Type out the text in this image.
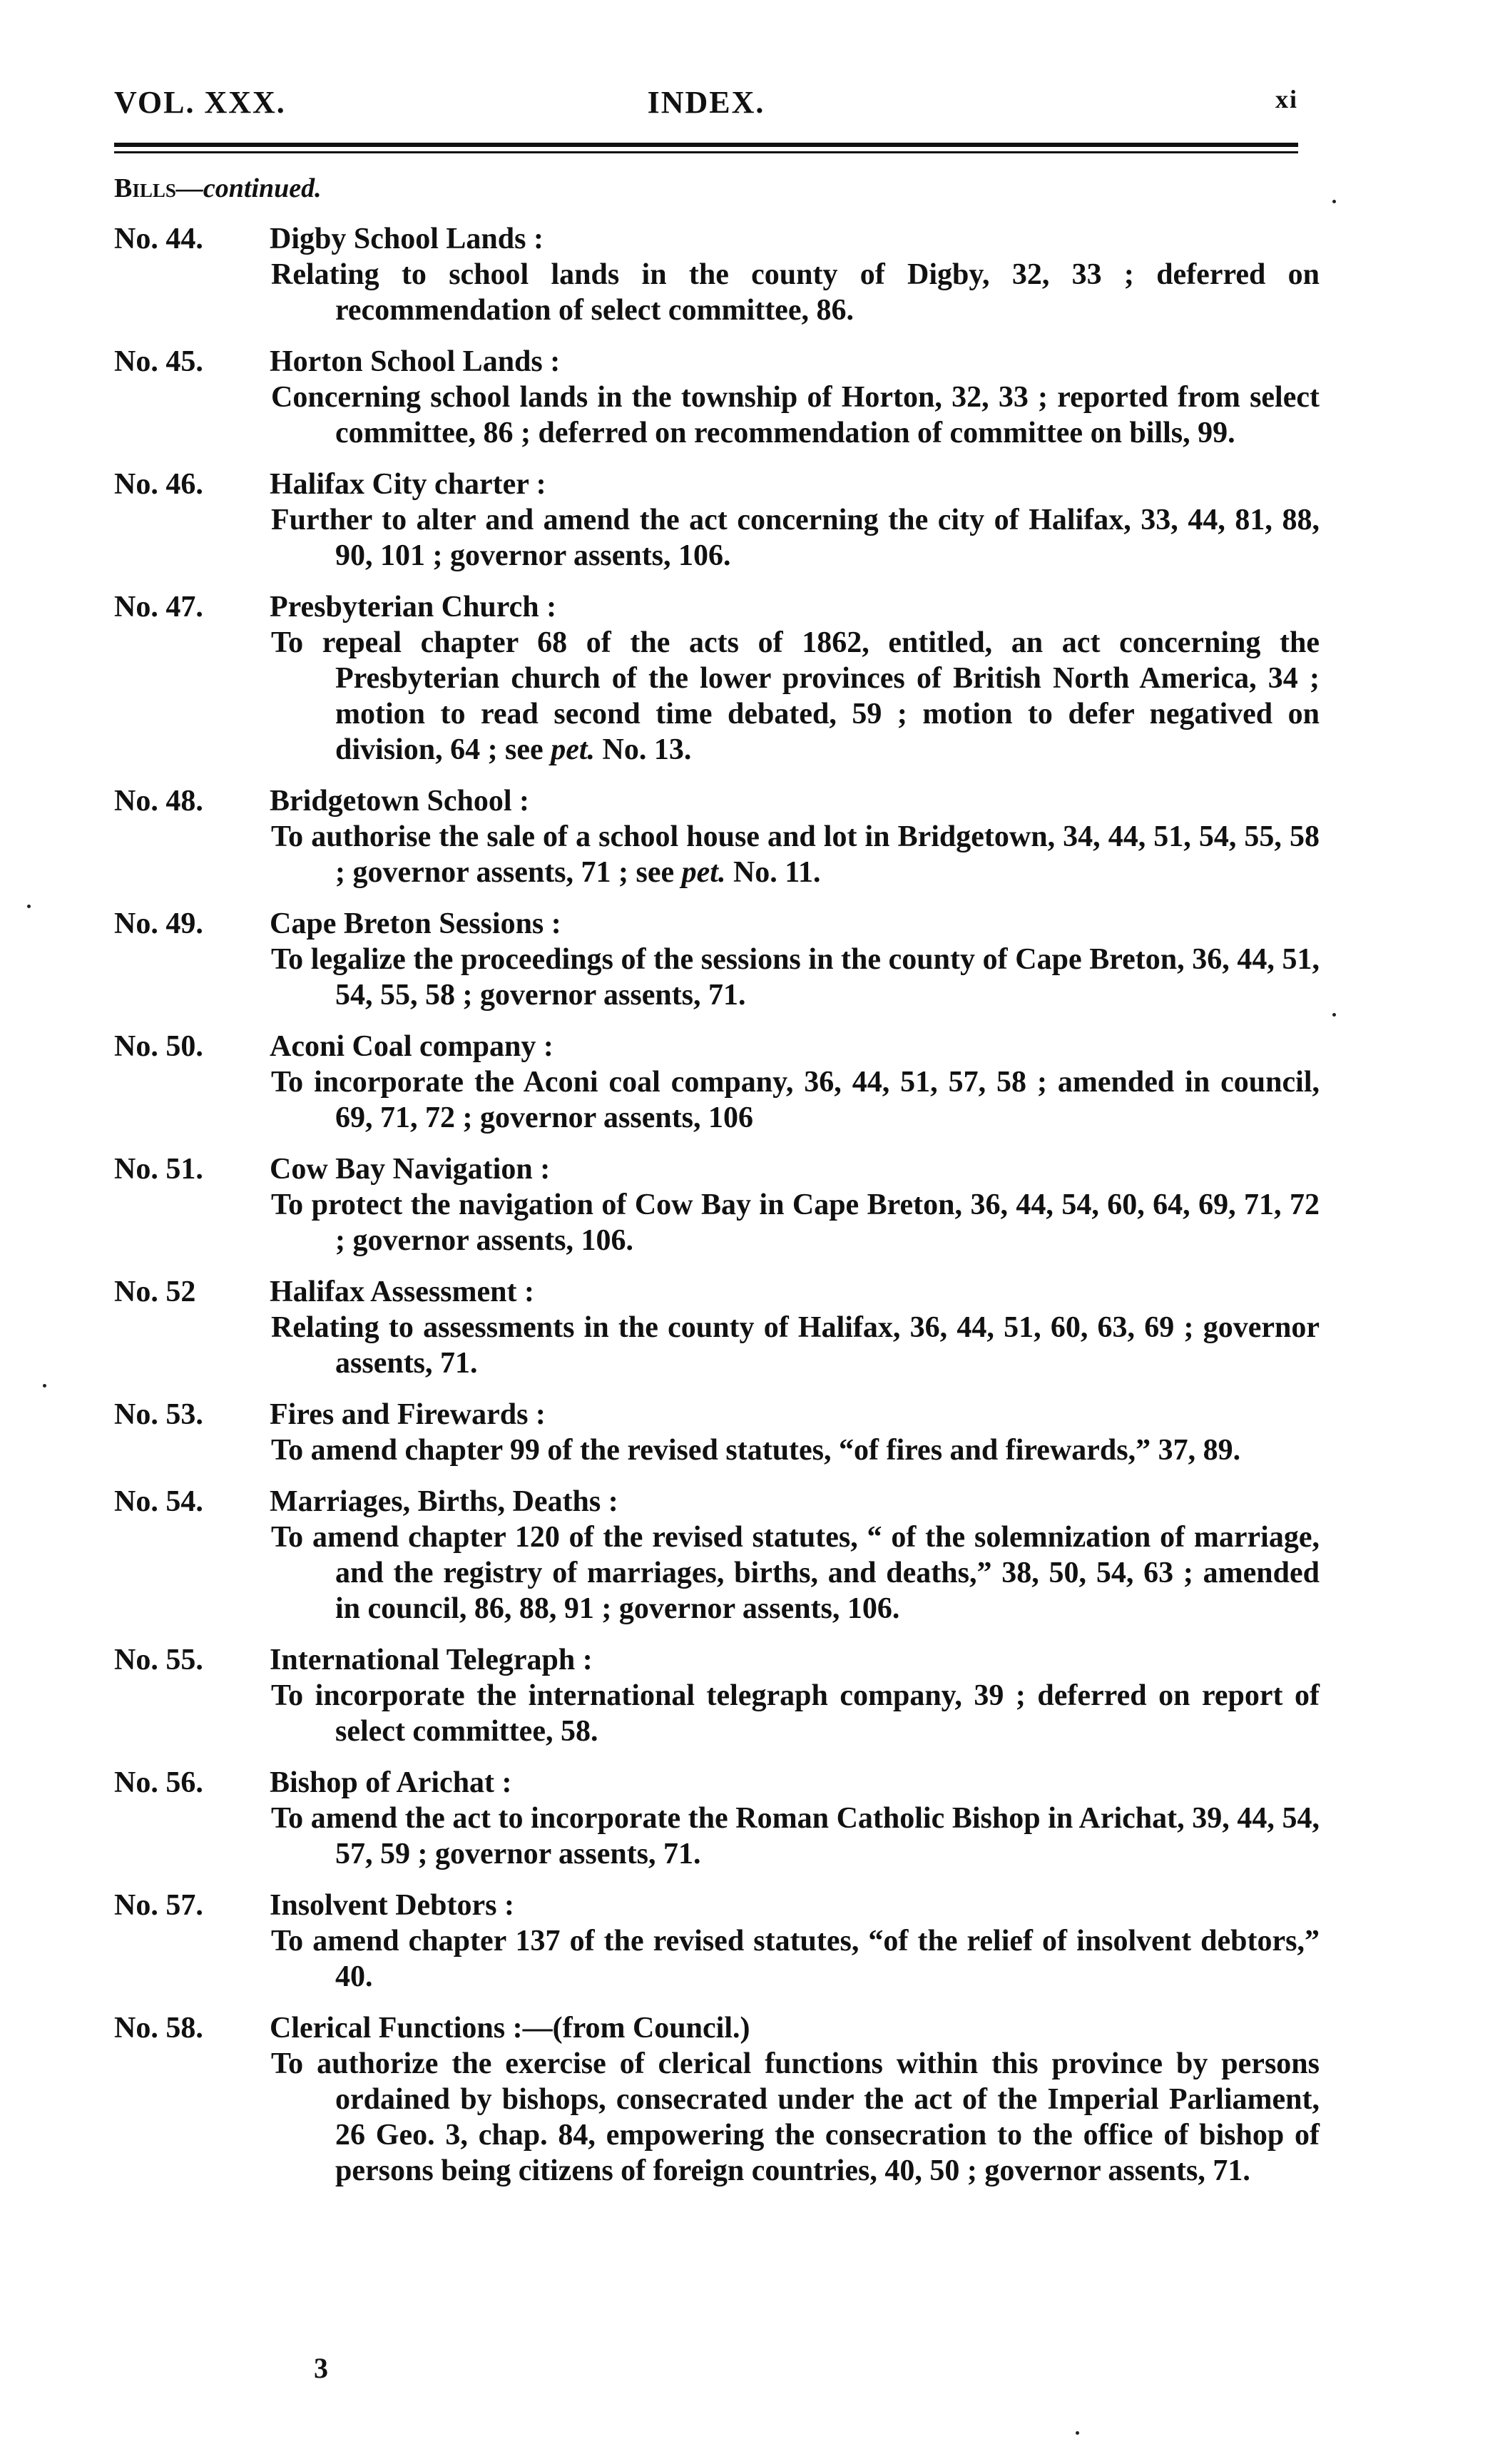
VOL. XXX.	INDEX.	xi
Bills—continued.
No. 44.	Digby School Lands :
Relating to school lands in the county of Digby, 32, 33 ; deferred on recommendation of select committee, 86.
No. 45.	Horton School Lands :
Concerning school lands in the township of Horton, 32, 33 ; reported from select committee, 86 ; deferred on recommendation of committee on bills, 99.
No. 46.	Halifax City charter :
Further to alter and amend the act concerning the city of Halifax, 33, 44, 81, 88, 90, 101 ; governor assents, 106.
No. 47.	Presbyterian Church :
To repeal chapter 68 of the acts of 1862, entitled, an act concerning the Presbyterian church of the lower provinces of British North America, 34 ; motion to read second time debated, 59 ; motion to defer negatived on division, 64 ; see pet. No. 13.
No. 48.	Bridgetown School :
To authorise the sale of a school house and lot in Bridgetown, 34, 44, 51, 54, 55, 58 ; governor assents, 71 ; see pet. No. 11.
No. 49.	Cape Breton Sessions :
To legalize the proceedings of the sessions in the county of Cape Breton, 36, 44, 51, 54, 55, 58 ; governor assents, 71.
No. 50.	Aconi Coal company :
To incorporate the Aconi coal company, 36, 44, 51, 57, 58 ; amended in council, 69, 71, 72 ; governor assents, 106
No. 51.	Cow Bay Navigation :
To protect the navigation of Cow Bay in Cape Breton, 36, 44, 54, 60, 64, 69, 71, 72 ; governor assents, 106.
No. 52	Halifax Assessment :
Relating to assessments in the county of Halifax, 36, 44, 51, 60, 63, 69 ; governor assents, 71.
No. 53.	Fires and Firewards :
To amend chapter 99 of the revised statutes, “of fires and firewards,” 37, 89.
No. 54.	Marriages, Births, Deaths :
To amend chapter 120 of the revised statutes, “ of the solemnization of marriage, and the registry of marriages, births, and deaths,” 38, 50, 54, 63 ; amended in council, 86, 88, 91 ; governor assents, 106.
No. 55.	International Telegraph :
To incorporate the international telegraph company, 39 ; deferred on report of select committee, 58.
No. 56.	Bishop of Arichat :
To amend the act to incorporate the Roman Catholic Bishop in Arichat, 39, 44, 54, 57, 59 ; governor assents, 71.
No. 57.	Insolvent Debtors :
To amend chapter 137 of the revised statutes, “of the relief of insolvent debtors,” 40.
No. 58.	Clerical Functions :—(from Council.)
To authorize the exercise of clerical functions within this province by persons ordained by bishops, consecrated under the act of the Imperial Parliament, 26 Geo. 3, chap. 84, empowering the consecration to the office of bishop of persons being citizens of foreign countries, 40, 50 ; governor assents, 71.
3
